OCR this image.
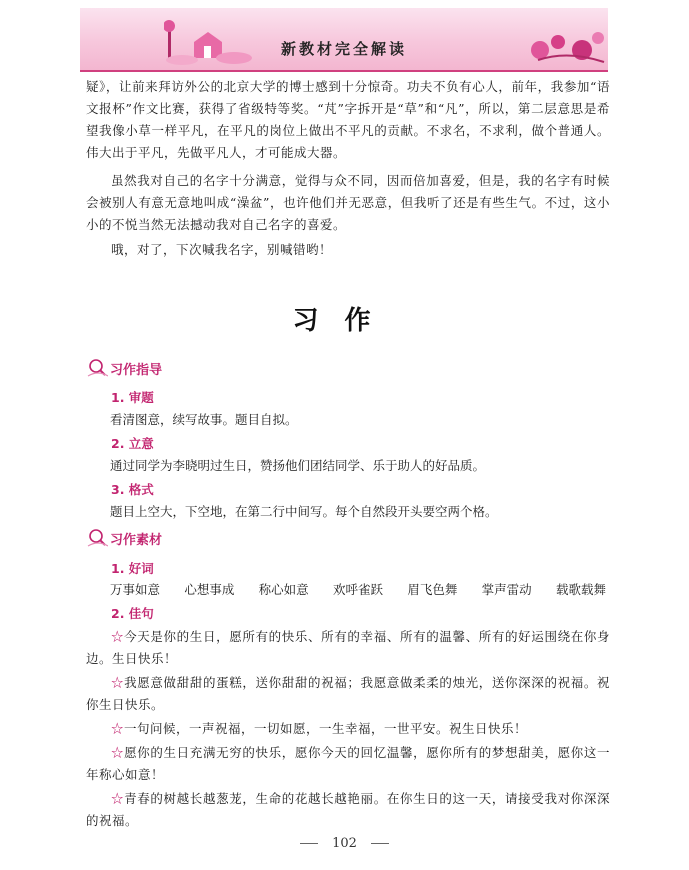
新教材完全解读

疑》，让前来拜访外公的北京大学的博士感到十分惊奇。功夫不负有心人，前年，我参加“语文报杯”作文比赛，获得了省级特等奖。“芃”字拆开是“草”和“凡”，所以，第二层意思是希望我像小草一样平凡，在平凡的岗位上做出不平凡的贡献。不求名，不求利，做个普通人。伟大出于平凡，先做平凡人，才可能成大器。

虽然我对自己的名字十分满意，觉得与众不同，因而倍加喜爱，但是，我的名字有时候会被别人有意无意地叫成“澡盆”，也许他们并无恶意，但我听了还是有些生气。不过，这小小的不悦当然无法撼动我对自己名字的喜爱。

哦，对了，下次喊我名字，别喊错哟！

习作
习作指导
1. 审题
看清图意，续写故事。题目自拟。
2. 立意
通过同学为李晓明过生日，赞扬他们团结同学、乐于助人的好品质。
3. 格式
题目上空大，下空地，在第二行中间写。每个自然段开头要空两个格。
习作素材
1. 好词
万事如意 心想事成 称心如意 欢呼雀跃 眉飞色舞 掌声雷动 载歌载舞
2. 佳句

☆今天是你的生日，愿所有的快乐、所有的幸福、所有的温馨、所有的好运围绕在你身边。生日快乐！

☆我愿意做甜甜的蛋糕，送你甜甜的祝福；我愿意做柔柔的烛光，送你深深的祝福。祝你生日快乐。

☆一句问候，一声祝福，一切如愿，一生幸福，一世平安。祝生日快乐！

☆愿你的生日充满无穷的快乐，愿你今天的回忆温馨，愿你所有的梦想甜美，愿你这一年称心如意！

☆青春的树越长越葱茏，生命的花越长越艳丽。在你生日的这一天，请接受我对你深深的祝福。

102
